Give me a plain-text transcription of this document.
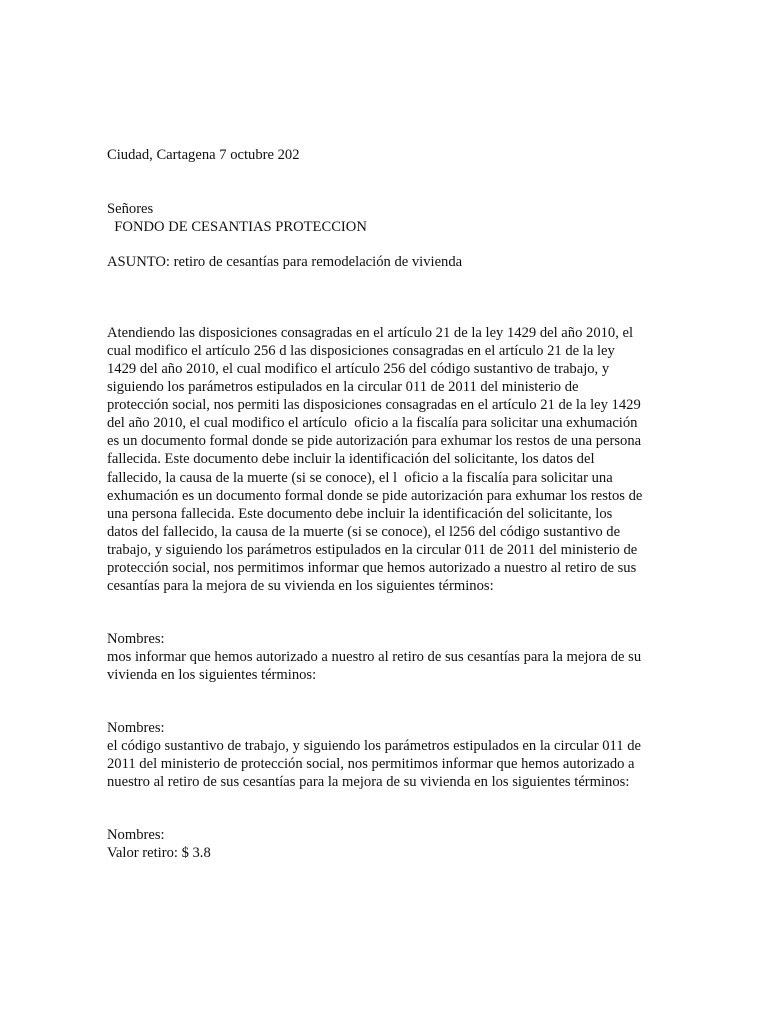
Ciudad, Cartagena 7 octubre 202
Señores
FONDO DE CESANTIAS PROTECCION
ASUNTO: retiro de cesantías para remodelación de vivienda
Atendiendo las disposiciones consagradas en el artículo 21 de la ley 1429 del año 2010, el
cual modifico el artículo 256 d las disposiciones consagradas en el artículo 21 de la ley
1429 del año 2010, el cual modifico el artículo 256 del código sustantivo de trabajo, y
siguiendo los parámetros estipulados en la circular 011 de 2011 del ministerio de
protección social, nos permiti las disposiciones consagradas en el artículo 21 de la ley 1429
del año 2010, el cual modifico el artículo  oficio a la fiscalía para solicitar una exhumación
es un documento formal donde se pide autorización para exhumar los restos de una persona
fallecida. Este documento debe incluir la identificación del solicitante, los datos del
fallecido, la causa de la muerte (si se conoce), el l  oficio a la fiscalía para solicitar una
exhumación es un documento formal donde se pide autorización para exhumar los restos de
una persona fallecida. Este documento debe incluir la identificación del solicitante, los
datos del fallecido, la causa de la muerte (si se conoce), el l256 del código sustantivo de
trabajo, y siguiendo los parámetros estipulados en la circular 011 de 2011 del ministerio de
protección social, nos permitimos informar que hemos autorizado a nuestro al retiro de sus
cesantías para la mejora de su vivienda en los siguientes términos:
Nombres:
mos informar que hemos autorizado a nuestro al retiro de sus cesantías para la mejora de su
vivienda en los siguientes términos:
Nombres:
el código sustantivo de trabajo, y siguiendo los parámetros estipulados en la circular 011 de
2011 del ministerio de protección social, nos permitimos informar que hemos autorizado a
nuestro al retiro de sus cesantías para la mejora de su vivienda en los siguientes términos:
Nombres:
Valor retiro: $ 3.8
